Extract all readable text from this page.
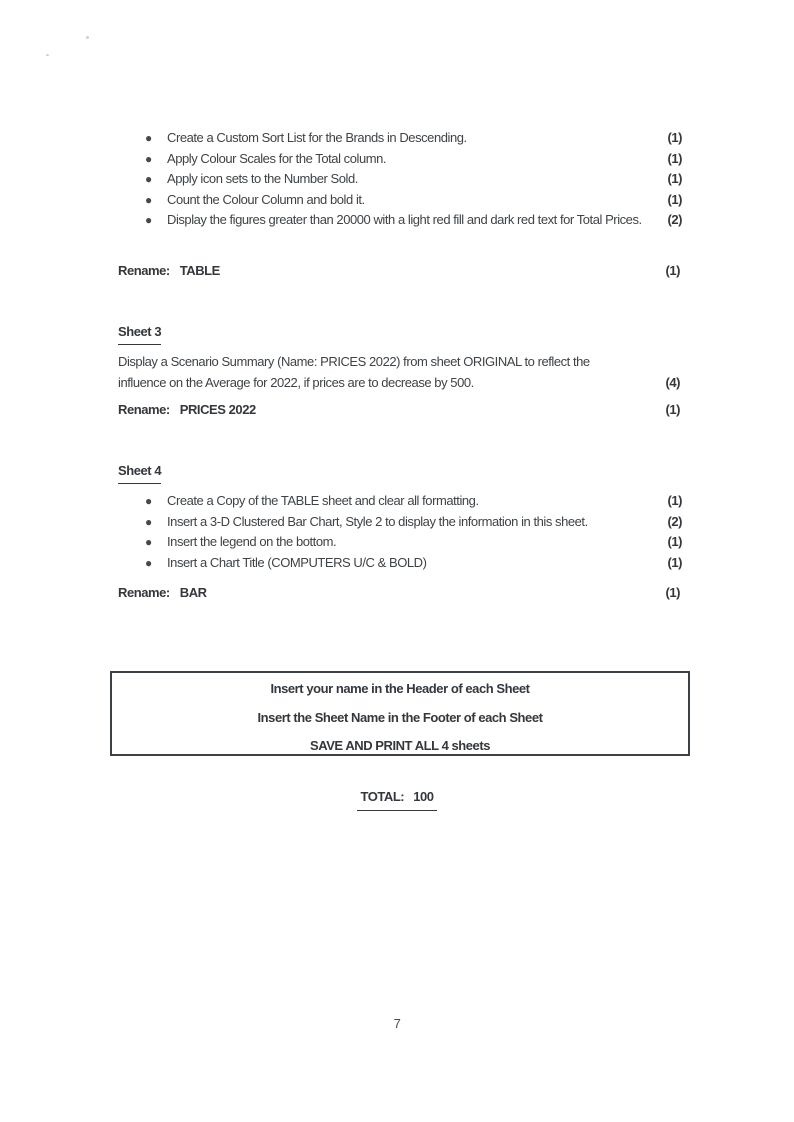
●	Create a Custom Sort List for the Brands in Descending.	(1)
●	Apply Colour Scales for the Total column.	(1)
●	Apply icon sets to the Number Sold.	(1)
●	Count the Colour Column and bold it.	(1)
●	Display the figures greater than 20000 with a light red fill and dark red text for Total Prices.	(2)
Rename: TABLE	(1)
Sheet 3
Display a Scenario Summary (Name: PRICES 2022) from sheet ORIGINAL to reflect the influence on the Average for 2022, if prices are to decrease by 500.	(4)
Rename: PRICES 2022	(1)
Sheet 4
●	Create a Copy of the TABLE sheet and clear all formatting.	(1)
●	Insert a 3-D Clustered Bar Chart, Style 2 to display the information in this sheet.	(2)
●	Insert the legend on the bottom.	(1)
●	Insert a Chart Title (COMPUTERS U/C & BOLD)	(1)
Rename: BAR	(1)
Insert your name in the Header of each Sheet
Insert the Sheet Name in the Footer of each Sheet
SAVE AND PRINT ALL 4 sheets
TOTAL: 100
7
